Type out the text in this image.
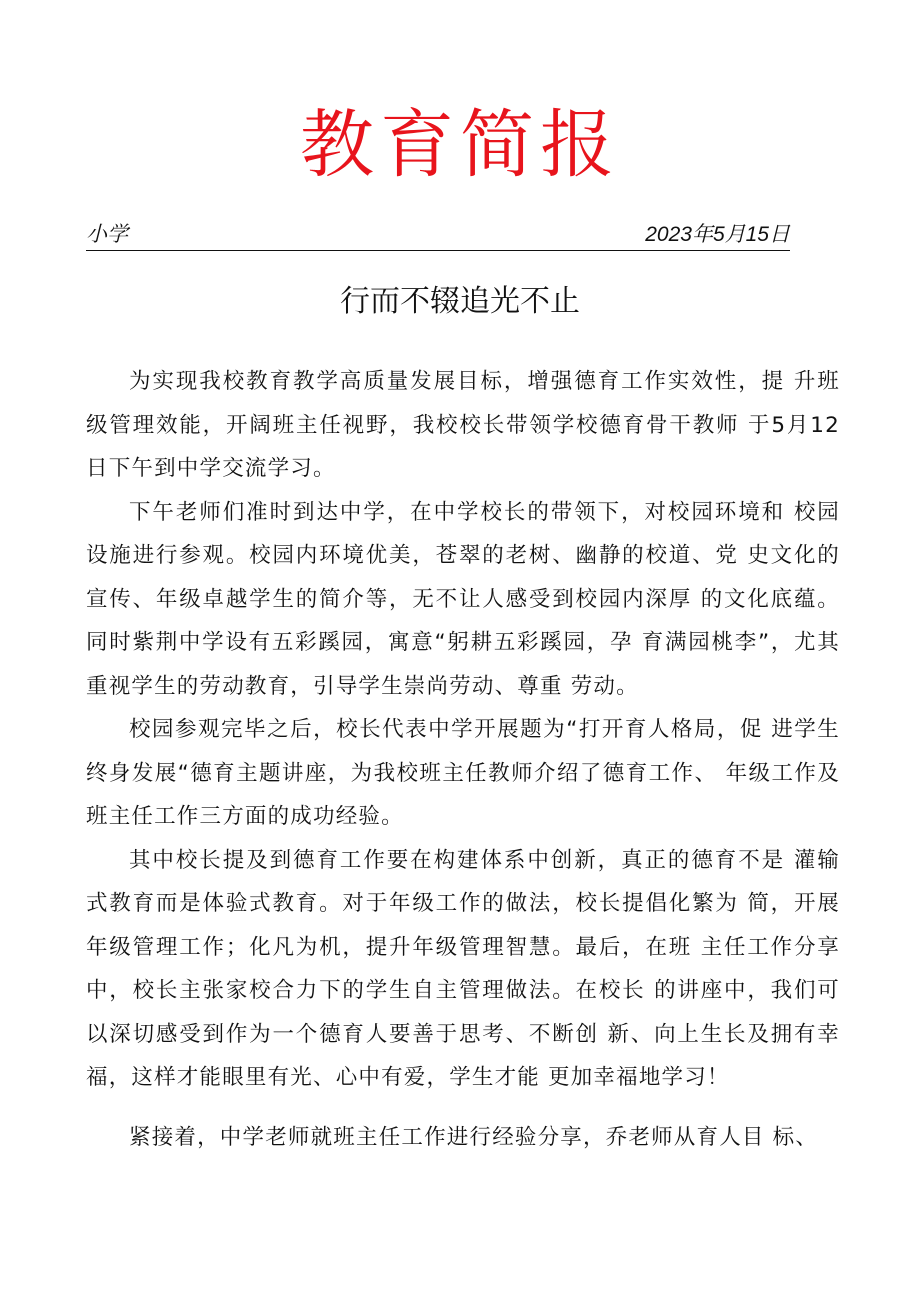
教育简报
小学	2023年5月15日
行而不辍追光不止

为实现我校教育教学高质量发展目标，增强德育工作实效性，提 升班级管理效能，开阔班主任视野，我校校长带领学校德育骨干教师 于5月12日下午到中学交流学习。

下午老师们准时到达中学，在中学校长的带领下，对校园环境和 校园设施进行参观。校园内环境优美，苍翠的老树、幽静的校道、党 史文化的宣传、年级卓越学生的简介等，无不让人感受到校园内深厚 的文化底蕴。同时紫荆中学设有五彩蹊园，寓意“躬耕五彩蹊园，孕 育满园桃李”，尤其重视学生的劳动教育，引导学生崇尚劳动、尊重 劳动。

校园参观完毕之后，校长代表中学开展题为“打开育人格局，促 进学生终身发展“德育主题讲座，为我校班主任教师介绍了德育工作、 年级工作及班主任工作三方面的成功经验。

其中校长提及到德育工作要在构建体系中创新，真正的德育不是 灌输式教育而是体验式教育。对于年级工作的做法，校长提倡化繁为 简，开展年级管理工作；化凡为机，提升年级管理智慧。最后，在班 主任工作分享中，校长主张家校合力下的学生自主管理做法。在校长 的讲座中，我们可以深切感受到作为一个德育人要善于思考、不断创 新、向上生长及拥有幸福，这样才能眼里有光、心中有爱，学生才能 更加幸福地学习！

紧接着，中学老师就班主任工作进行经验分享，乔老师从育人目 标、
